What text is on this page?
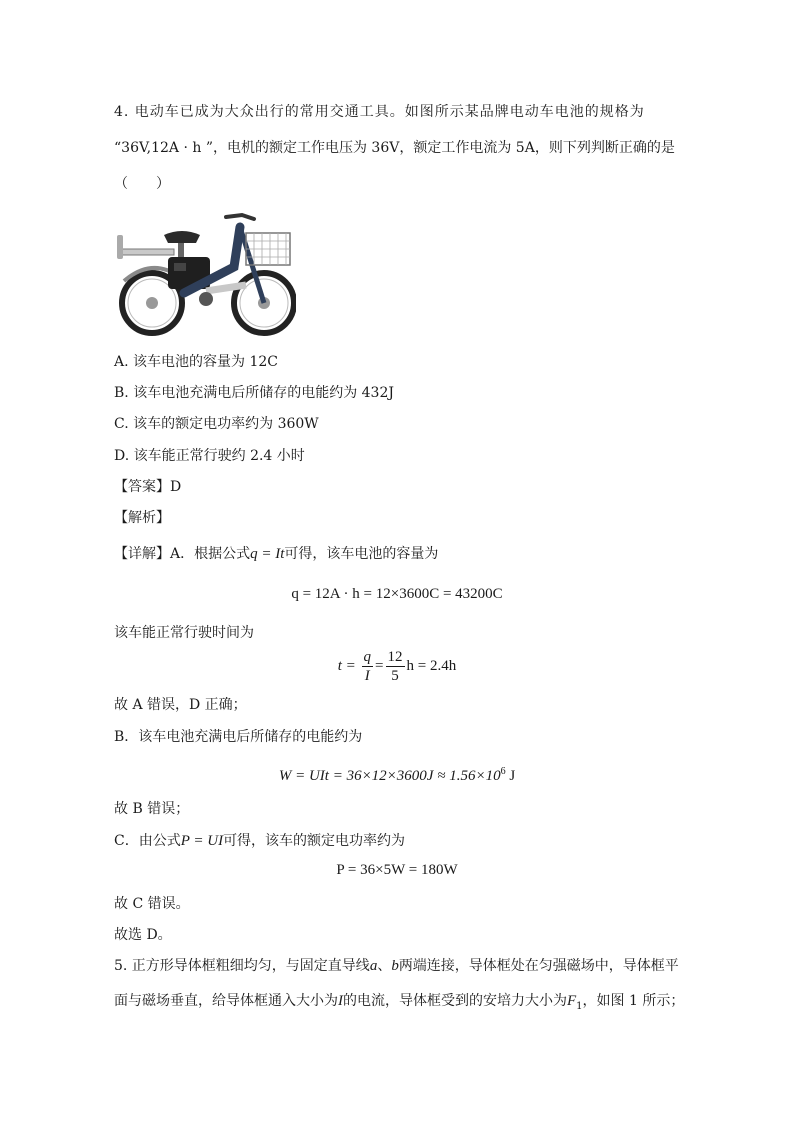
4. 电动车已成为大众出行的常用交通工具。如图所示某品牌电动车电池的规格为
“36V,12A · h ”，电机的额定工作电压为 36V，额定工作电流为 5A，则下列判断正确的是
（　　）
A. 该车电池的容量为 12C
B. 该车电池充满电后所储存的电能约为 432J
C. 该车的额定电功率约为 360W
D. 该车能正常行驶约 2.4 小时
【答案】D
【解析】
【详解】A．根据公式q = It可得，该车电池的容量为
q = 12A · h = 12×3600C = 43200C
该车能正常行驶时间为
$t = \frac{q}{I} = \frac{12}{5}$ h = 2.4h
故 A 错误，D 正确；
B．该车电池充满电后所储存的电能约为
W = UIt = $36\times 12\times 3600J \approx 1.56\times 10^6$ J
故 B 错误；
C．由公式P = UI可得，该车的额定电功率约为
P = 36×5W = 180W
故 C 错误。
故选 D。
5. 正方形导体框粗细均匀，与固定直导线a、b两端连接，导体框处在匀强磁场中，导体框平
面与磁场垂直，给导体框通入大小为I的电流，导体框受到的安培力大小为$F_1$，如图 1 所示；
